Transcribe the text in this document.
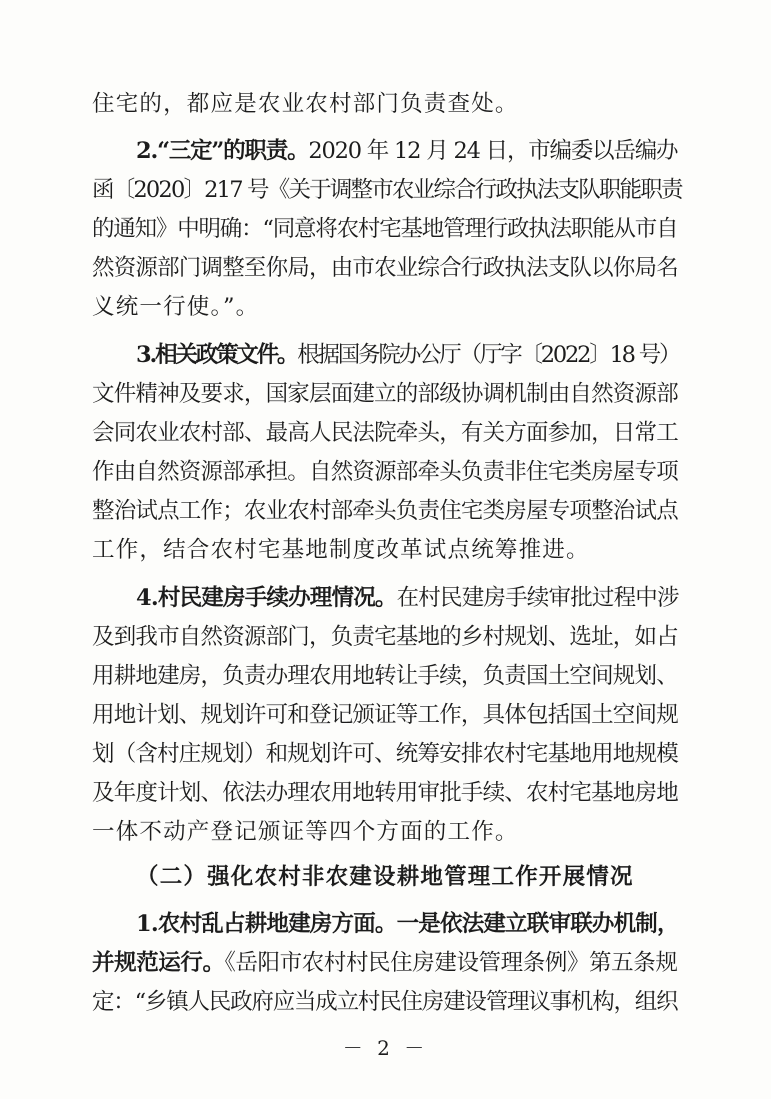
住宅的，都应是农业农村部门负责查处。
2.“三定”的职责。2020 年 12 月 24 日，市编委以岳编办
函〔2020〕217 号《关于调整市农业综合行政执法支队职能职责
的通知》中明确：“同意将农村宅基地管理行政执法职能从市自
然资源部门调整至你局，由市农业综合行政执法支队以你局名
义统一行使。”。
3.相关政策文件。根据国务院办公厅（厅字〔2022〕18 号）
文件精神及要求，国家层面建立的部级协调机制由自然资源部
会同农业农村部、最高人民法院牵头，有关方面参加，日常工
作由自然资源部承担。自然资源部牵头负责非住宅类房屋专项
整治试点工作；农业农村部牵头负责住宅类房屋专项整治试点
工作，结合农村宅基地制度改革试点统筹推进。
4.村民建房手续办理情况。在村民建房手续审批过程中涉
及到我市自然资源部门，负责宅基地的乡村规划、选址，如占
用耕地建房，负责办理农用地转让手续，负责国土空间规划、
用地计划、规划许可和登记颁证等工作，具体包括国土空间规
划（含村庄规划）和规划许可、统筹安排农村宅基地用地规模
及年度计划、依法办理农用地转用审批手续、农村宅基地房地
一体不动产登记颁证等四个方面的工作。
（二）强化农村非农建设耕地管理工作开展情况
1.农村乱占耕地建房方面。一是依法建立联审联办机制，
并规范运行。《岳阳市农村村民住房建设管理条例》第五条规
定：“乡镇人民政府应当成立村民住房建设管理议事机构，组织
－ 2 －
